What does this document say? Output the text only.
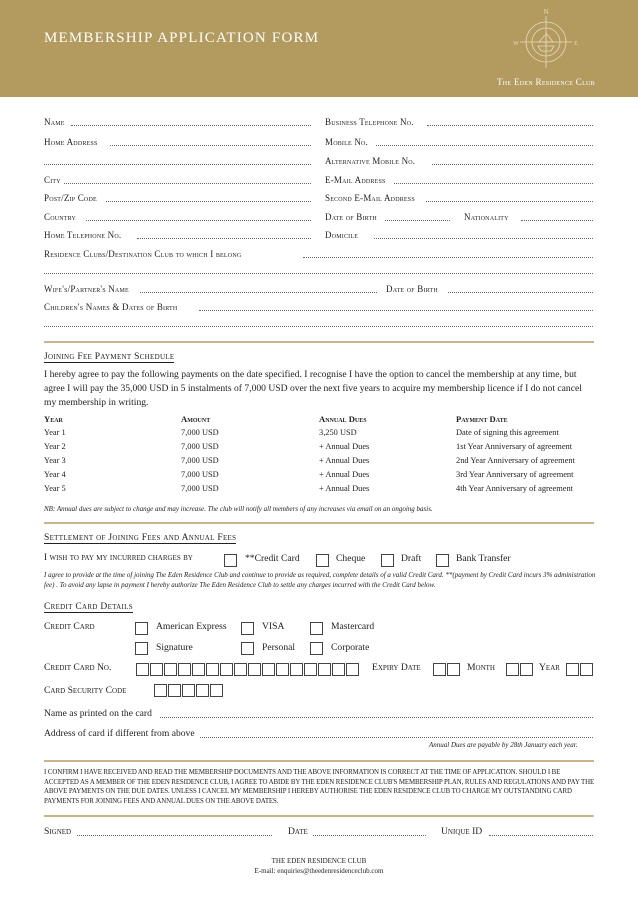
MEMBERSHIP APPLICATION FORM
N
W	E
The Eden Residence Club
Name	Business Telephone No.
Home Address	Mobile No.
Alternative Mobile No.
City	E-Mail Address
Post/Zip Code	Second E-Mail Address
Country	Date of Birth	Nationality
Home Telephone No.	Domicile
Residence Clubs/Destination Club to which I belong
Wife's/Partner's Name	Date of Birth
Children's Names & Dates of Birth
Joining Fee Payment Schedule
I hereby agree to pay the following payments on the date specified. I recognise I have the option to cancel the membership at any time, but agree I will pay the 35,000 USD in 5 instalments of 7,000 USD over the next five years to acquire my membership licence if I do not cancel my membership in writing.
Year	Amount	Annual Dues	Payment Date
Year 1	7,000 USD	3,250 USD	Date of signing this agreement
Year 2	7,000 USD	+ Annual Dues	1st Year Anniversary of agreement
Year 3	7,000 USD	+ Annual Dues	2nd Year Anniversary of agreement
Year 4	7,000 USD	+ Annual Dues	3rd Year Anniversary of agreement
Year 5	7,000 USD	+ Annual Dues	4th Year Anniversary of agreement
NB: Annual dues are subject to change and may increase. The club will notify all members of any increases via email on an ongoing basis.
Settlement of Joining Fees and Annual Fees
I wish to pay my incurred charges by	**Credit Card	Cheque	Draft	Bank Transfer
I agree to provide at the time of joining The Eden Residence Club and continue to provide as required, complete details of a valid Credit Card. **(payment by Credit Card incurs 3% administration fee) . To avoid any lapse in payment I hereby authorize The Eden Residence Club to settle any charges incurred with the Credit Card below.
Credit Card Details
Credit Card	American Express	VISA	Mastercard
Signature	Personal	Corporate
Credit Card No.	Expiry Date	Month	Year
Card Security Code
Name as printed on the card
Address of card if different from above
Annual Dues are payable by 28th January each year.
I CONFIRM I HAVE RECEIVED AND READ THE MEMBERSHIP DOCUMENTS AND THE ABOVE INFORMATION IS CORRECT AT THE TIME OF APPLICATION. SHOULD I BE ACCEPTED AS A MEMBER OF THE EDEN RESIDENCE CLUB, I AGREE TO ABIDE BY THE EDEN RESIDENCE CLUB'S MEMBERSHIP PLAN, RULES AND REGULATIONS AND PAY THE ABOVE PAYMENTS ON THE DUE DATES. UNLESS I CANCEL MY MEMBERSHIP I HEREBY AUTHORISE THE EDEN RESIDENCE CLUB TO CHARGE MY OUTSTANDING CARD PAYMENTS FOR JOINING FEES AND ANNUAL DUES ON THE ABOVE DATES.
Signed	Date	Unique ID
THE EDEN RESIDENCE CLUB
E-mail: enquiries@theedenresidenceclub.com
